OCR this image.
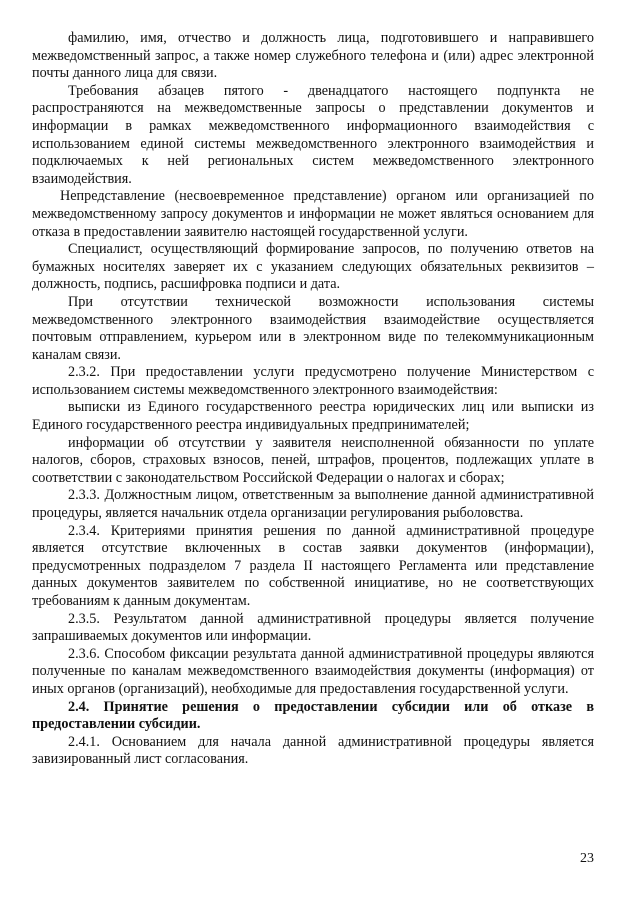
фамилию, имя, отчество и должность лица, подготовившего и направившего межведомственный запрос, а также номер служебного телефона и (или) адрес электронной почты данного лица для связи.

Требования абзацев пятого - двенадцатого настоящего подпункта не распространяются на межведомственные запросы о представлении документов и информации в рамках межведомственного информационного взаимодействия с использованием единой системы межведомственного электронного взаимодействия и подключаемых к ней региональных систем межведомственного электронного взаимодействия.

Непредставление (несвоевременное представление) органом или организацией по межведомственному запросу документов и информации не может являться основанием для отказа в предоставлении заявителю настоящей государственной услуги.

Специалист, осуществляющий формирование запросов, по получению ответов на бумажных носителях заверяет их с указанием следующих обязательных реквизитов – должность, подпись, расшифровка подписи и дата.

При отсутствии технической возможности использования системы межведомственного электронного взаимодействия взаимодействие осуществляется почтовым отправлением, курьером или в электронном виде по телекоммуникационным каналам связи.

2.3.2. При предоставлении услуги предусмотрено получение Министерством с использованием системы межведомственного электронного взаимодействия:

выписки из Единого государственного реестра юридических лиц или выписки из Единого государственного реестра индивидуальных предпринимателей;

информации об отсутствии у заявителя неисполненной обязанности по уплате налогов, сборов, страховых взносов, пеней, штрафов, процентов, подлежащих уплате в соответствии с законодательством Российской Федерации о налогах и сборах;

2.3.3. Должностным лицом, ответственным за выполнение данной административной процедуры, является начальник отдела организации регулирования рыболовства.

2.3.4. Критериями принятия решения по данной административной процедуре является отсутствие включенных в состав заявки документов (информации), предусмотренных подразделом 7 раздела II настоящего Регламента или представление данных документов заявителем по собственной инициативе, но не соответствующих требованиям к данным документам.

2.3.5. Результатом данной административной процедуры является получение запрашиваемых документов или информации.

2.3.6. Способом фиксации результата данной административной процедуры являются полученные по каналам межведомственного взаимодействия документы (информация) от иных органов (организаций), необходимые для предоставления государственной услуги.

2.4. Принятие решения о предоставлении субсидии или об отказе в предоставлении субсидии.

2.4.1. Основанием для начала данной административной процедуры является завизированный лист согласования.

23
